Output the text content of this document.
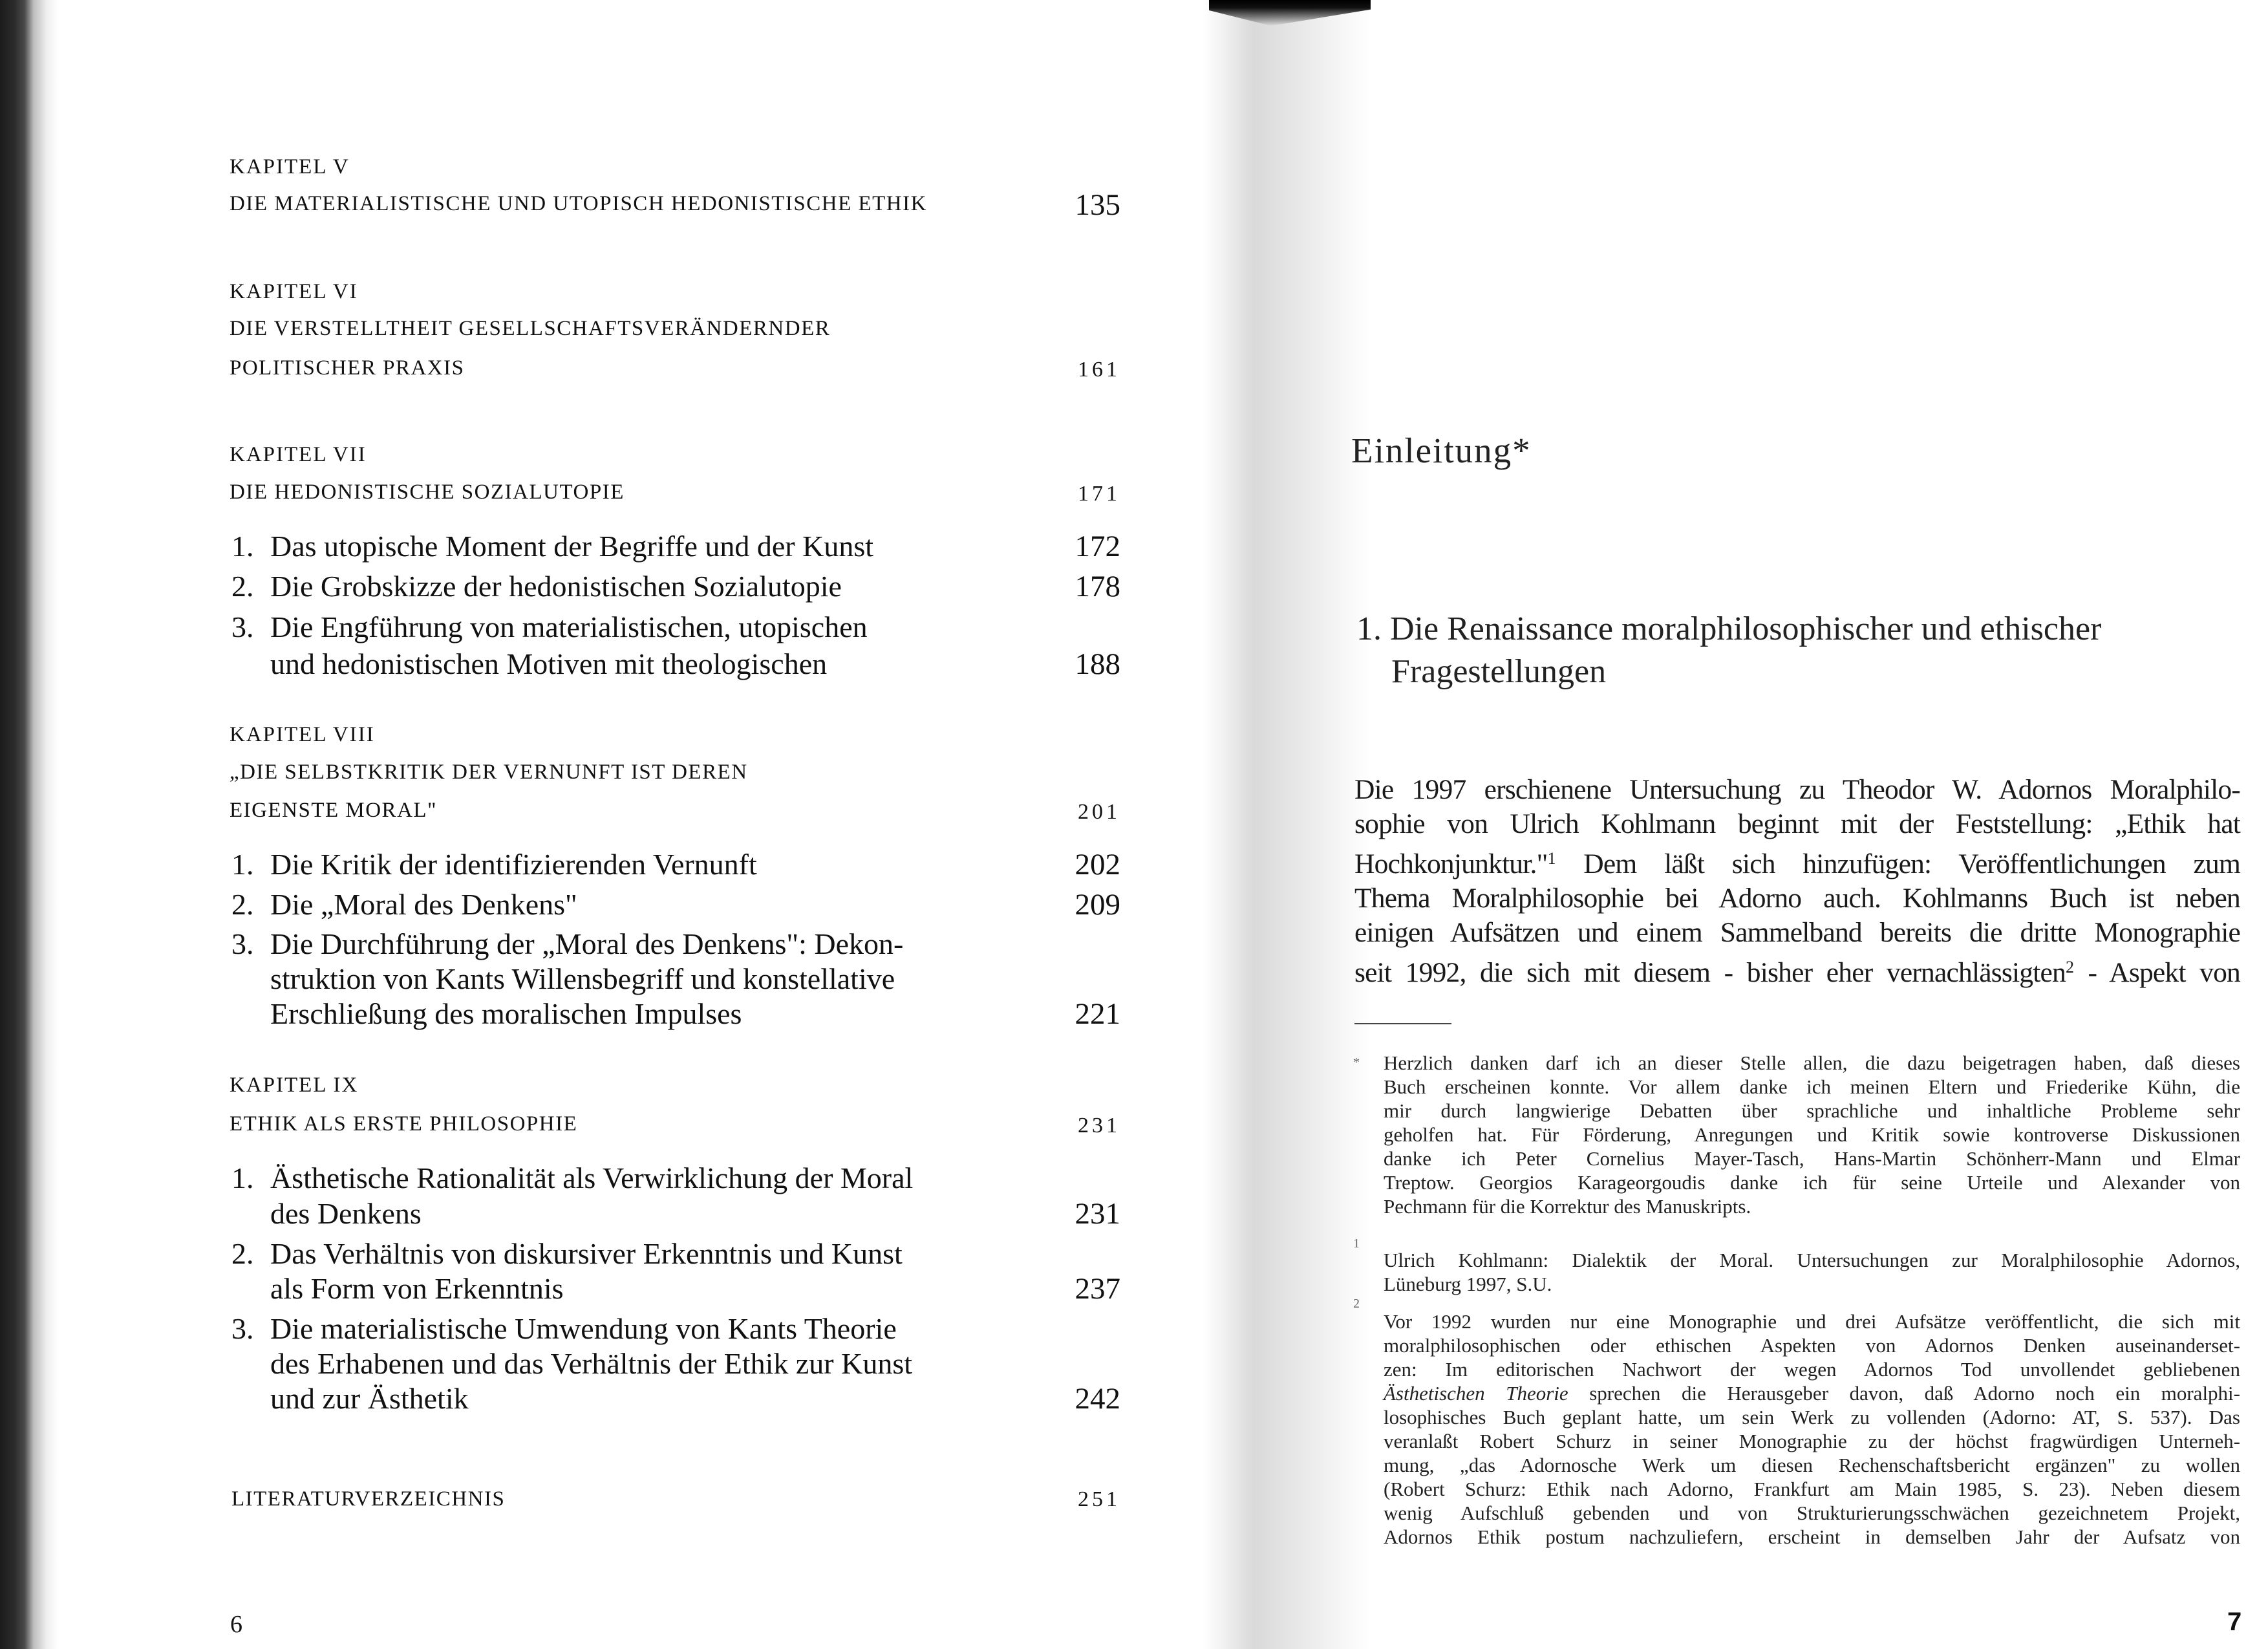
KAPITEL V
DIE MATERIALISTISCHE UND UTOPISCH HEDONISTISCHE ETHIK	135
KAPITEL VI
DIE VERSTELLTHEIT GESELLSCHAFTSVERÄNDERNDER
POLITISCHER PRAXIS	161
KAPITEL VII
DIE HEDONISTISCHE SOZIALUTOPIE	171
1. Das utopische Moment der Begriffe und der Kunst	172
2. Die Grobskizze der hedonistischen Sozialutopie	178
3. Die Engführung von materialistischen, utopischen
und hedonistischen Motiven mit theologischen	188
KAPITEL VIII
„DIE SELBSTKRITIK DER VERNUNFT IST DEREN
EIGENSTE MORAL"	201
1. Die Kritik der identifizierenden Vernunft	202
2. Die „Moral des Denkens"	209
3. Die Durchführung der „Moral des Denkens": Dekon-
struktion von Kants Willensbegriff und konstellative
Erschließung des moralischen Impulses	221
KAPITEL IX
ETHIK ALS ERSTE PHILOSOPHIE	231
1. Ästhetische Rationalität als Verwirklichung der Moral
des Denkens	231
2. Das Verhältnis von diskursiver Erkenntnis und Kunst
als Form von Erkenntnis	237
3. Die materialistische Umwendung von Kants Theorie
des Erhabenen und das Verhältnis der Ethik zur Kunst
und zur Ästhetik	242
LITERATURVERZEICHNIS	251
6
Einleitung*
1. Die Renaissance moralphilosophischer und ethischer
Fragestellungen
Die 1997 erschienene Untersuchung zu Theodor W. Adornos Moralphilo-
sophie von Ulrich Kohlmann beginnt mit der Feststellung: „Ethik hat
Hochkonjunktur."$^1$ Dem läßt sich hinzufügen: Veröffentlichungen zum
Thema Moralphilosophie bei Adorno auch. Kohlmanns Buch ist neben
einigen Aufsätzen und einem Sammelband bereits die dritte Monographie
seit 1992, die sich mit diesem - bisher eher vernachlässigten$^2$ - Aspekt von
* Herzlich danken darf ich an dieser Stelle allen, die dazu beigetragen haben, daß dieses
Buch erscheinen konnte. Vor allem danke ich meinen Eltern und Friederike Kühn, die
mir durch langwierige Debatten über sprachliche und inhaltliche Probleme sehr
geholfen hat. Für Förderung, Anregungen und Kritik sowie kontroverse Diskussionen
danke ich Peter Cornelius Mayer-Tasch, Hans-Martin Schönherr-Mann und Elmar
Treptow. Georgios Karageorgoudis danke ich für seine Urteile und Alexander von
Pechmann für die Korrektur des Manuskripts.
1
Ulrich Kohlmann: Dialektik der Moral. Untersuchungen zur Moralphilosophie Adornos,
Lüneburg 1997, S.U.
2
Vor 1992 wurden nur eine Monographie und drei Aufsätze veröffentlicht, die sich mit
moralphilosophischen oder ethischen Aspekten von Adornos Denken auseinanderset-
zen: Im editorischen Nachwort der wegen Adornos Tod unvollendet gebliebenen
Ästhetischen Theorie sprechen die Herausgeber davon, daß Adorno noch ein moralphi-
losophisches Buch geplant hatte, um sein Werk zu vollenden (Adorno: AT, S. 537). Das
veranlaßt Robert Schurz in seiner Monographie zu der höchst fragwürdigen Unterneh-
mung, „das Adornosche Werk um diesen Rechenschaftsbericht ergänzen" zu wollen
(Robert Schurz: Ethik nach Adorno, Frankfurt am Main 1985, S. 23). Neben diesem
wenig Aufschluß gebenden und von Strukturierungsschwächen gezeichnetem Projekt,
Adornos Ethik postum nachzuliefern, erscheint in demselben Jahr der Aufsatz von
7
